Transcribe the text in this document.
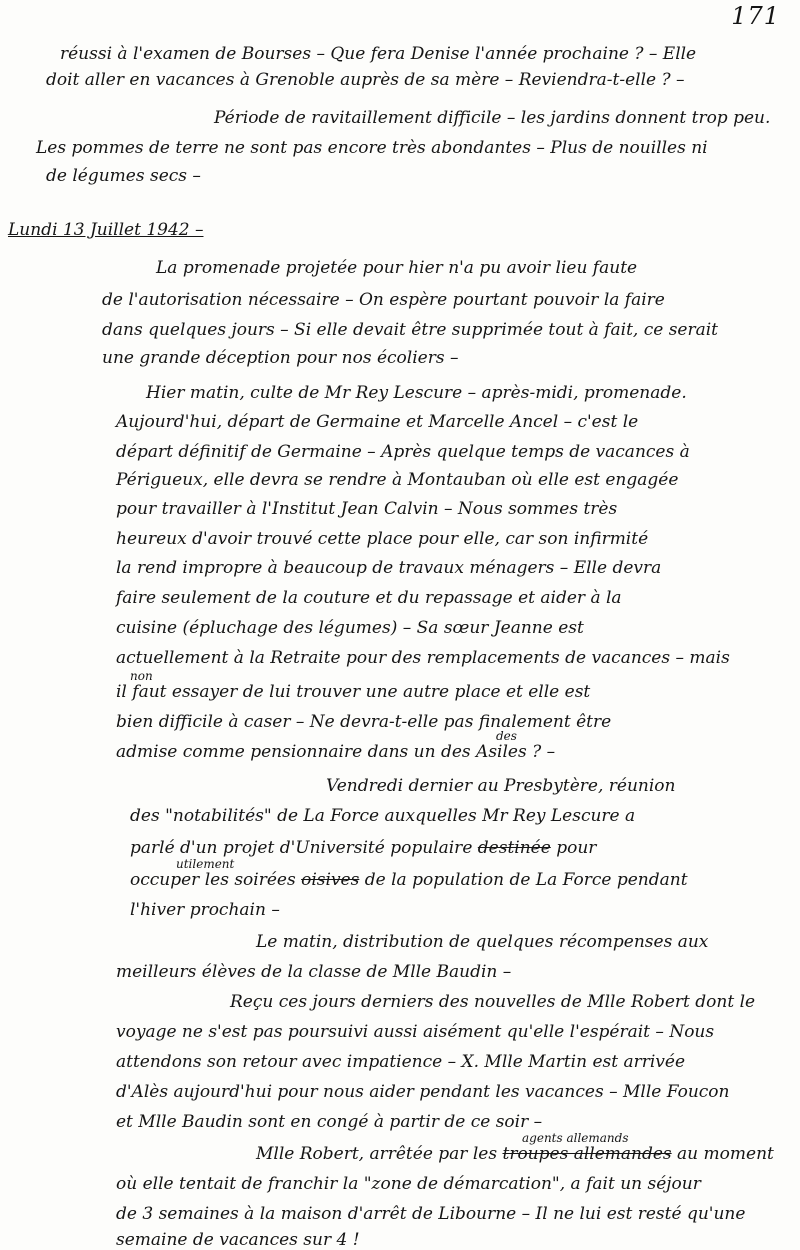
171
réussi à l'examen de Bourses – Que fera Denise l'année prochaine ? – Elle
doit aller en vacances à Grenoble auprès de sa mère – Reviendra-t-elle ? –
Période de ravitaillement difficile – les jardins donnent trop peu.
Les pommes de terre ne sont pas encore très abondantes – Plus de nouilles ni
de légumes secs –
Lundi 13 Juillet 1942 –
La promenade projetée pour hier n'a pu avoir lieu faute
de l'autorisation nécessaire – On espère pourtant pouvoir la faire
dans quelques jours – Si elle devait être supprimée tout à fait, ce serait
une grande déception pour nos écoliers –
Hier matin, culte de Mr Rey Lescure – après-midi, promenade.
Aujourd'hui, départ de Germaine et Marcelle Ancel – c'est le
départ définitif de Germaine – Après quelque temps de vacances à
Périgueux, elle devra se rendre à Montauban où elle est engagée
pour travailler à l'Institut Jean Calvin – Nous sommes très
heureux d'avoir trouvé cette place pour elle, car son infirmité
la rend impropre à beaucoup de travaux ménagers – Elle devra
faire seulement de la couture et du repassage et aider à la
cuisine (épluchage des légumes) – Sa sœur Jeanne est
actuellement à la Retraite pour des remplacements de vacances – mais
non
il faut essayer de lui trouver une autre place et elle est
bien difficile à caser – Ne devra-t-elle pas finalement être
des
admise comme pensionnaire dans un des Asiles ? –
Vendredi dernier au Presbytère, réunion
des "notabilités" de La Force auxquelles Mr Rey Lescure a
parlé d'un projet d'Université populaire destinée pour
utilement
occuper les soirées oisives de la population de La Force pendant
l'hiver prochain –
Le matin, distribution de quelques récompenses aux
meilleurs élèves de la classe de Mlle Baudin –
Reçu ces jours derniers des nouvelles de Mlle Robert dont le
voyage ne s'est pas poursuivi aussi aisément qu'elle l'espérait – Nous
attendons son retour avec impatience – X. Mlle Martin est arrivée
d'Alès aujourd'hui pour nous aider pendant les vacances – Mlle Foucon
et Mlle Baudin sont en congé à partir de ce soir –
agents allemands
Mlle Robert, arrêtée par les troupes allemandes au moment
où elle tentait de franchir la "zone de démarcation", a fait un séjour
de 3 semaines à la maison d'arrêt de Libourne – Il ne lui est resté qu'une
semaine de vacances sur 4 !
